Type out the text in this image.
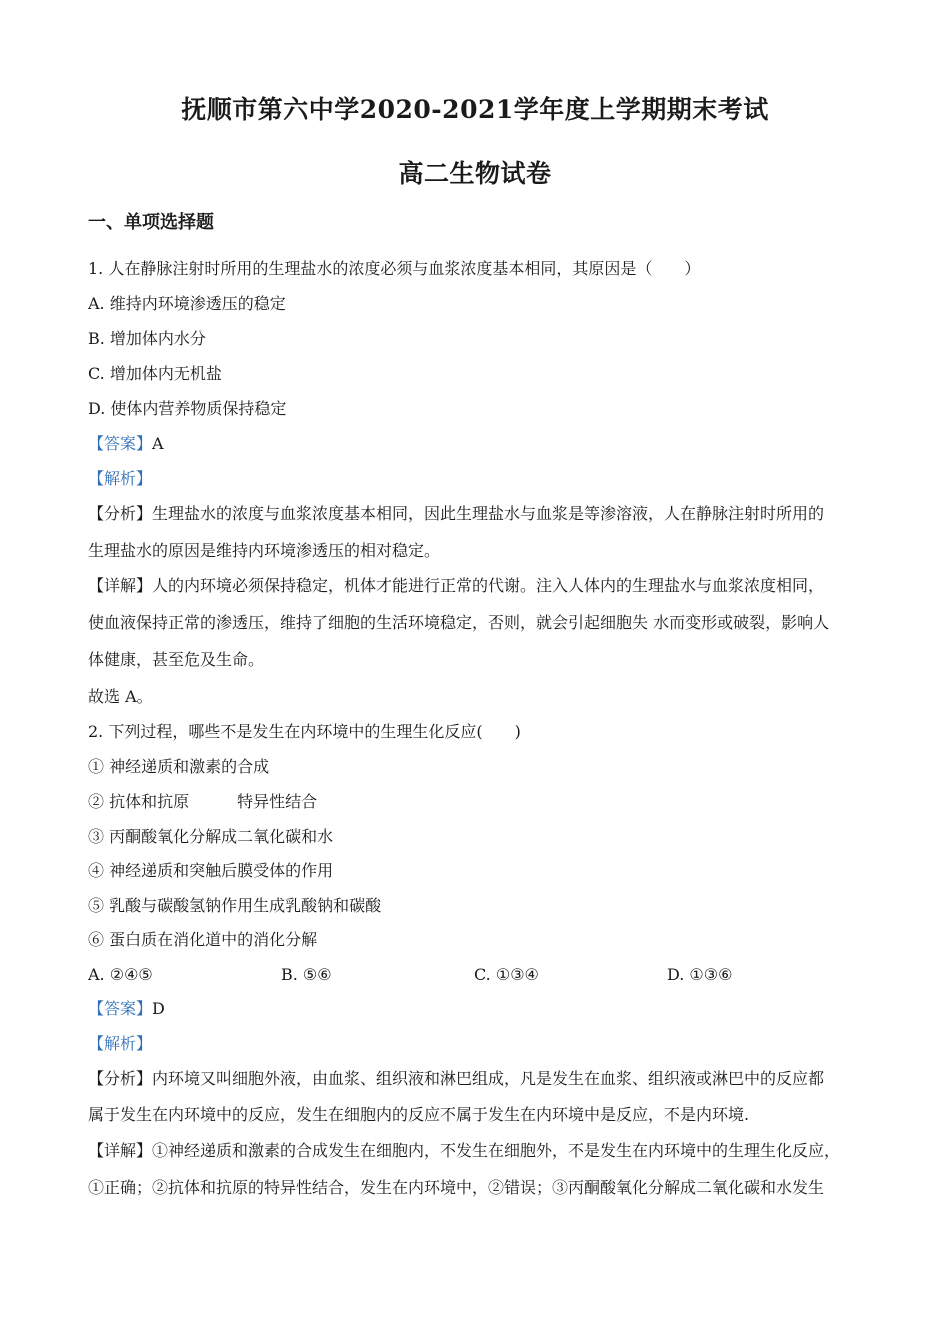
抚顺市第六中学2020-2021学年度上学期期末考试
高二生物试卷
一、单项选择题
1. 人在静脉注射时所用的生理盐水的浓度必须与血浆浓度基本相同，其原因是（　　）
A. 维持内环境渗透压的稳定
B. 增加体内水分
C. 增加体内无机盐
D. 使体内营养物质保持稳定
【答案】A
【解析】
【分析】生理盐水的浓度与血浆浓度基本相同，因此生理盐水与血浆是等渗溶液，人在静脉注射时所用的
生理盐水的原因是维持内环境渗透压的相对稳定。
【详解】人的内环境必须保持稳定，机体才能进行正常的代谢。注入人体内的生理盐水与血浆浓度相同，
使血液保持正常的渗透压，维持了细胞的生活环境稳定，否则，就会引起细胞失 水而变形或破裂，影响人
体健康，甚至危及生命。
故选 A。
2. 下列过程，哪些不是发生在内环境中的生理生化反应(　　)
① 神经递质和激素的合成
② 抗体和抗原　　　特异性结合
③ 丙酮酸氧化分解成二氧化碳和水
④ 神经递质和突触后膜受体的作用
⑤ 乳酸与碳酸氢钠作用生成乳酸钠和碳酸
⑥ 蛋白质在消化道中的消化分解
A. ②④⑤	B. ⑤⑥	C. ①③④	D. ①③⑥
【答案】D
【解析】
【分析】内环境又叫细胞外液，由血浆、组织液和淋巴组成，凡是发生在血浆、组织液或淋巴中的反应都
属于发生在内环境中的反应，发生在细胞内的反应不属于发生在内环境中是反应，不是内环境.
【详解】①神经递质和激素的合成发生在细胞内，不发生在细胞外，不是发生在内环境中的生理生化反应，
①正确；②抗体和抗原的特异性结合，发生在内环境中，②错误；③丙酮酸氧化分解成二氧化碳和水发生
